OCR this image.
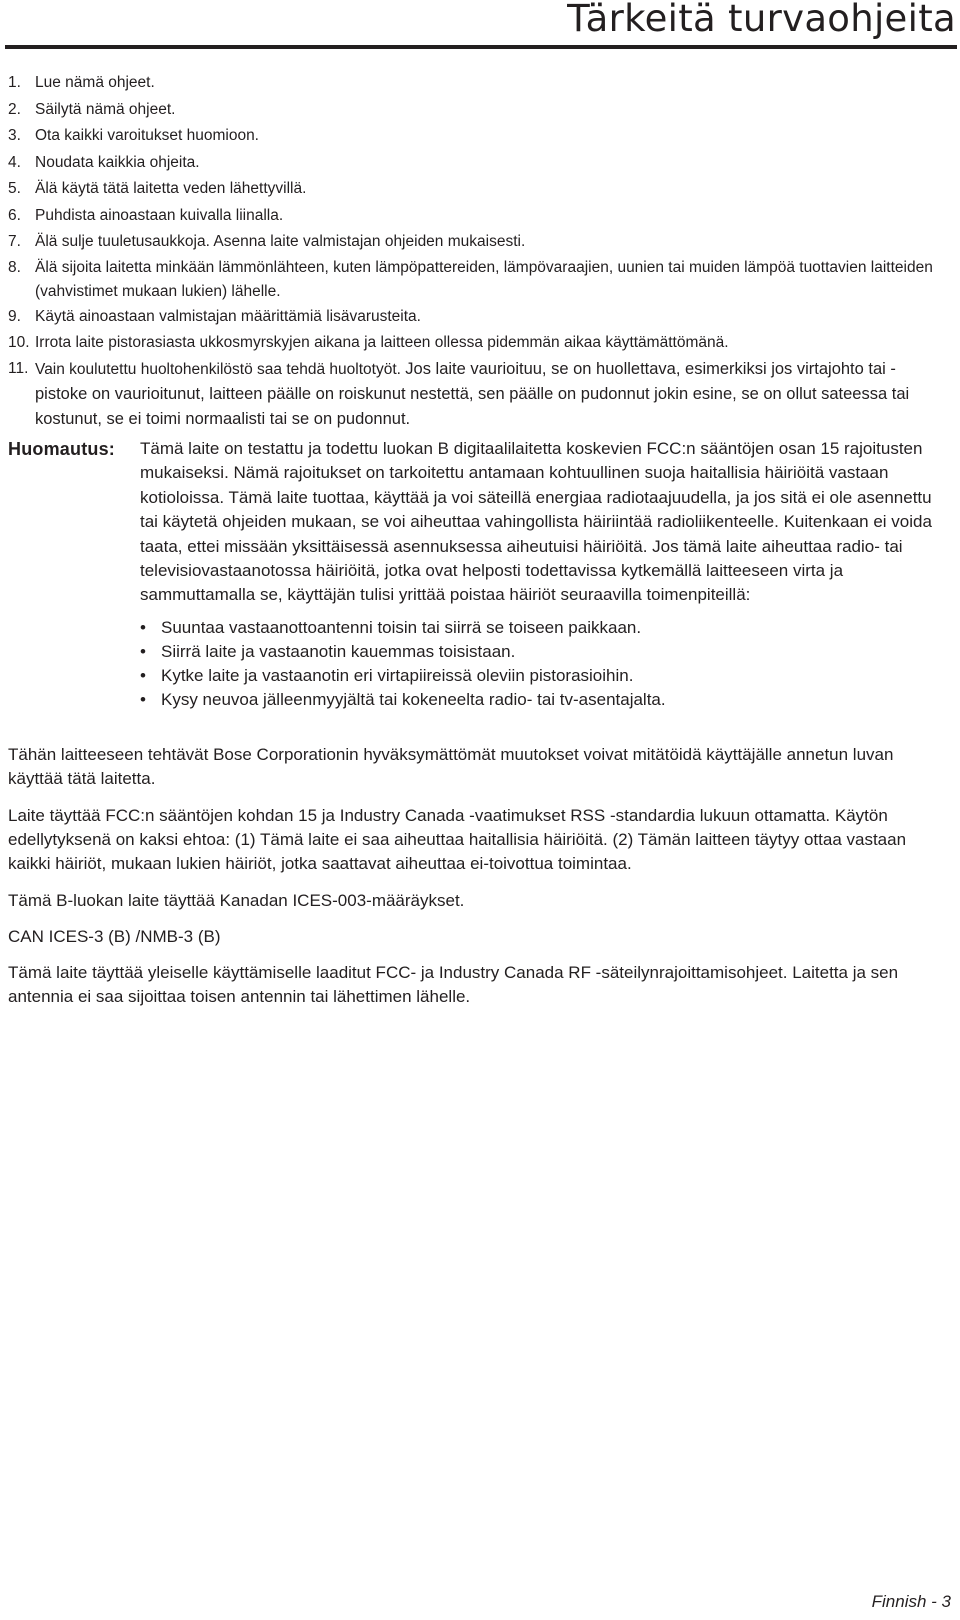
Tärkeitä turvaohjeita
1. Lue nämä ohjeet.
2. Säilytä nämä ohjeet.
3. Ota kaikki varoitukset huomioon.
4. Noudata kaikkia ohjeita.
5. Älä käytä tätä laitetta veden lähettyvillä.
6. Puhdista ainoastaan kuivalla liinalla.
7. Älä sulje tuuletusaukkoja. Asenna laite valmistajan ohjeiden mukaisesti.
8. Älä sijoita laitetta minkään lämmönlähteen, kuten lämpöpattereiden, lämpövaraajien, uunien tai muiden lämpöä tuottavien laitteiden (vahvistimet mukaan lukien) lähelle.
9. Käytä ainoastaan valmistajan määrittämiä lisävarusteita.
10. Irrota laite pistorasiasta ukkosmyrskyjen aikana ja laitteen ollessa pidemmän aikaa käyttämättömänä.
11. Vain koulutettu huoltohenkilöstö saa tehdä huoltotyöt. Jos laite vaurioituu, se on huollettava, esimerkiksi jos virtajohto tai -pistoke on vaurioitunut, laitteen päälle on roiskunut nestettä, sen päälle on pudonnut jokin esine, se on ollut sateessa tai kostunut, se ei toimi normaalisti tai se on pudonnut.
Huomautus: Tämä laite on testattu ja todettu luokan B digitaalilaitetta koskevien FCC:n sääntöjen osan 15 rajoitusten mukaiseksi. Nämä rajoitukset on tarkoitettu antamaan kohtuullinen suoja haitallisia häiriöitä vastaan kotioloissa. Tämä laite tuottaa, käyttää ja voi säteillä energiaa radiotaajuudella, ja jos sitä ei ole asennettu tai käytetä ohjeiden mukaan, se voi aiheuttaa vahingollista häiriintää radioliikenteelle. Kuitenkaan ei voida taata, ettei missään yksittäisessä asennuksessa aiheutuisi häiriöitä. Jos tämä laite aiheuttaa radio- tai televisiovastaanotossa häiriöitä, jotka ovat helposti todettavissa kytkemällä laitteeseen virta ja sammuttamalla se, käyttäjän tulisi yrittää poistaa häiriöt seuraavilla toimenpiteillä:
• Suuntaa vastaanottoantenni toisin tai siirrä se toiseen paikkaan.
• Siirrä laite ja vastaanotin kauemmas toisistaan.
• Kytke laite ja vastaanotin eri virtapiireissä oleviin pistorasioihin.
• Kysy neuvoa jälleenmyyjältä tai kokeneelta radio- tai tv-asentajalta.

Tähän laitteeseen tehtävät Bose Corporationin hyväksymättömät muutokset voivat mitätöidä käyttäjälle annetun luvan käyttää tätä laitetta.

Laite täyttää FCC:n sääntöjen kohdan 15 ja Industry Canada -vaatimukset RSS -standardia lukuun ottamatta. Käytön edellytyksenä on kaksi ehtoa: (1) Tämä laite ei saa aiheuttaa haitallisia häiriöitä. (2) Tämän laitteen täytyy ottaa vastaan kaikki häiriöt, mukaan lukien häiriöt, jotka saattavat aiheuttaa ei-toivottua toimintaa.

Tämä B-luokan laite täyttää Kanadan ICES-003-määräykset.

CAN ICES-3 (B) /NMB-3 (B)

Tämä laite täyttää yleiselle käyttämiselle laaditut FCC- ja Industry Canada RF -säteilynrajoittamisohjeet. Laitetta ja sen antennia ei saa sijoittaa toisen antennin tai lähettimen lähelle.

Finnish - 3
